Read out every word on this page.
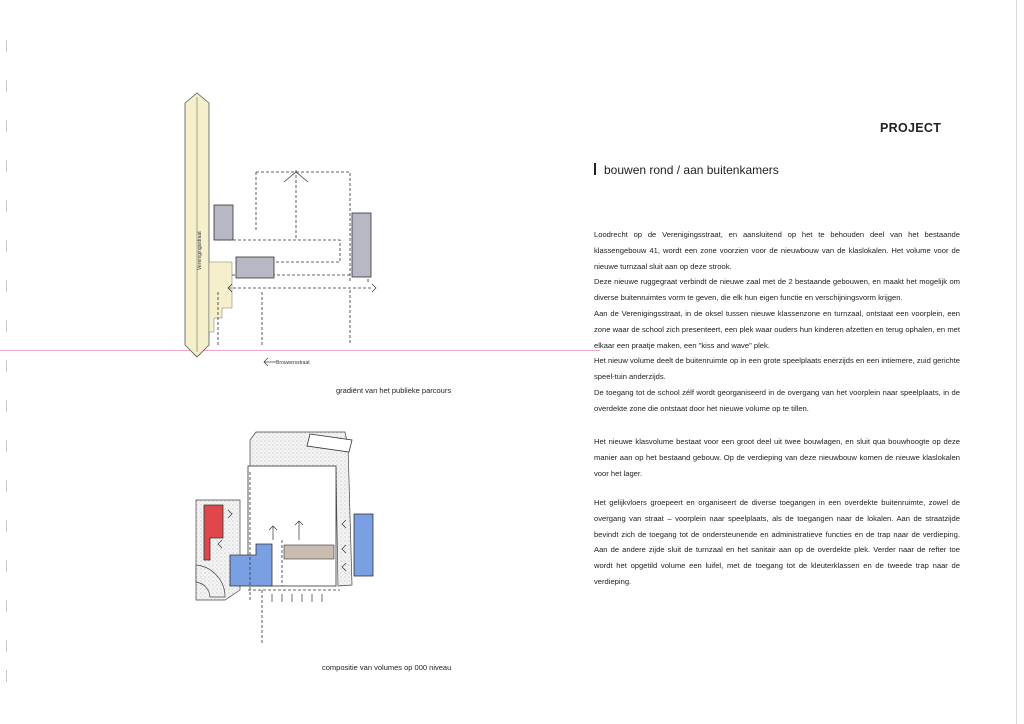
Verenigingsstraat
Brouwersstraat
gradiënt van het publieke parcours
compositie van volumes op 000 niveau
PROJECT
bouwen rond / aan buitenkamers

Loodrecht op de Verenigingsstraat, en aansluitend op het te behouden deel van het bestaande klassengebouw 41, wordt een zone voorzien voor de nieuwbouw van de klaslokalen. Het volume voor de nieuwe turnzaal sluit aan op deze strook.

Deze nieuwe ruggegraat verbindt de nieuwe zaal met de 2 bestaande gebouwen, en maakt het mogelijk om diverse buitenruimtes vorm te geven, die elk hun eigen functie en verschijningsvorm krijgen.

Aan de Verenigingsstraat, in de oksel tussen nieuwe klassenzone en turnzaal, ontstaat een voorplein, een zone waar de school zich presenteert, een plek waar ouders hun kinderen afzetten en terug ophalen, en met elkaar een praatje maken, een "kiss and wave" plek.

Het nieuw volume deelt de buitenruimte op in een grote speelplaats enerzijds en een intiemere, zuid gerichte speel-tuin anderzijds.

De toegang tot de school zélf wordt georganiseerd in de overgang van het voorplein naar speelplaats, in de overdekte zone die ontstaat door het nieuwe volume op te tillen.

Het nieuwe klasvolume bestaat voor een groot deel uit twee bouwlagen, en sluit qua bouwhoogte op deze manier aan op het bestaand gebouw. Op de verdieping van deze nieuwbouw komen de nieuwe klaslokalen voor het lager.

Het gelijkvloers groepeert en organiseert de diverse toegangen in een overdekte buitenruimte, zowel de overgang van straat – voorplein naar speelplaats, als de toegangen naar de lokalen. Aan de straatzijde bevindt zich de toegang tot de ondersteunende en administratieve functies en de trap naar de verdieping. Aan de andere zijde sluit de turnzaal en het sanitair aan op de overdekte plek. Verder naar de refter toe wordt het opgetild volume een luifel, met de toegang tot de kleuterklassen en de tweede trap naar de verdieping.
